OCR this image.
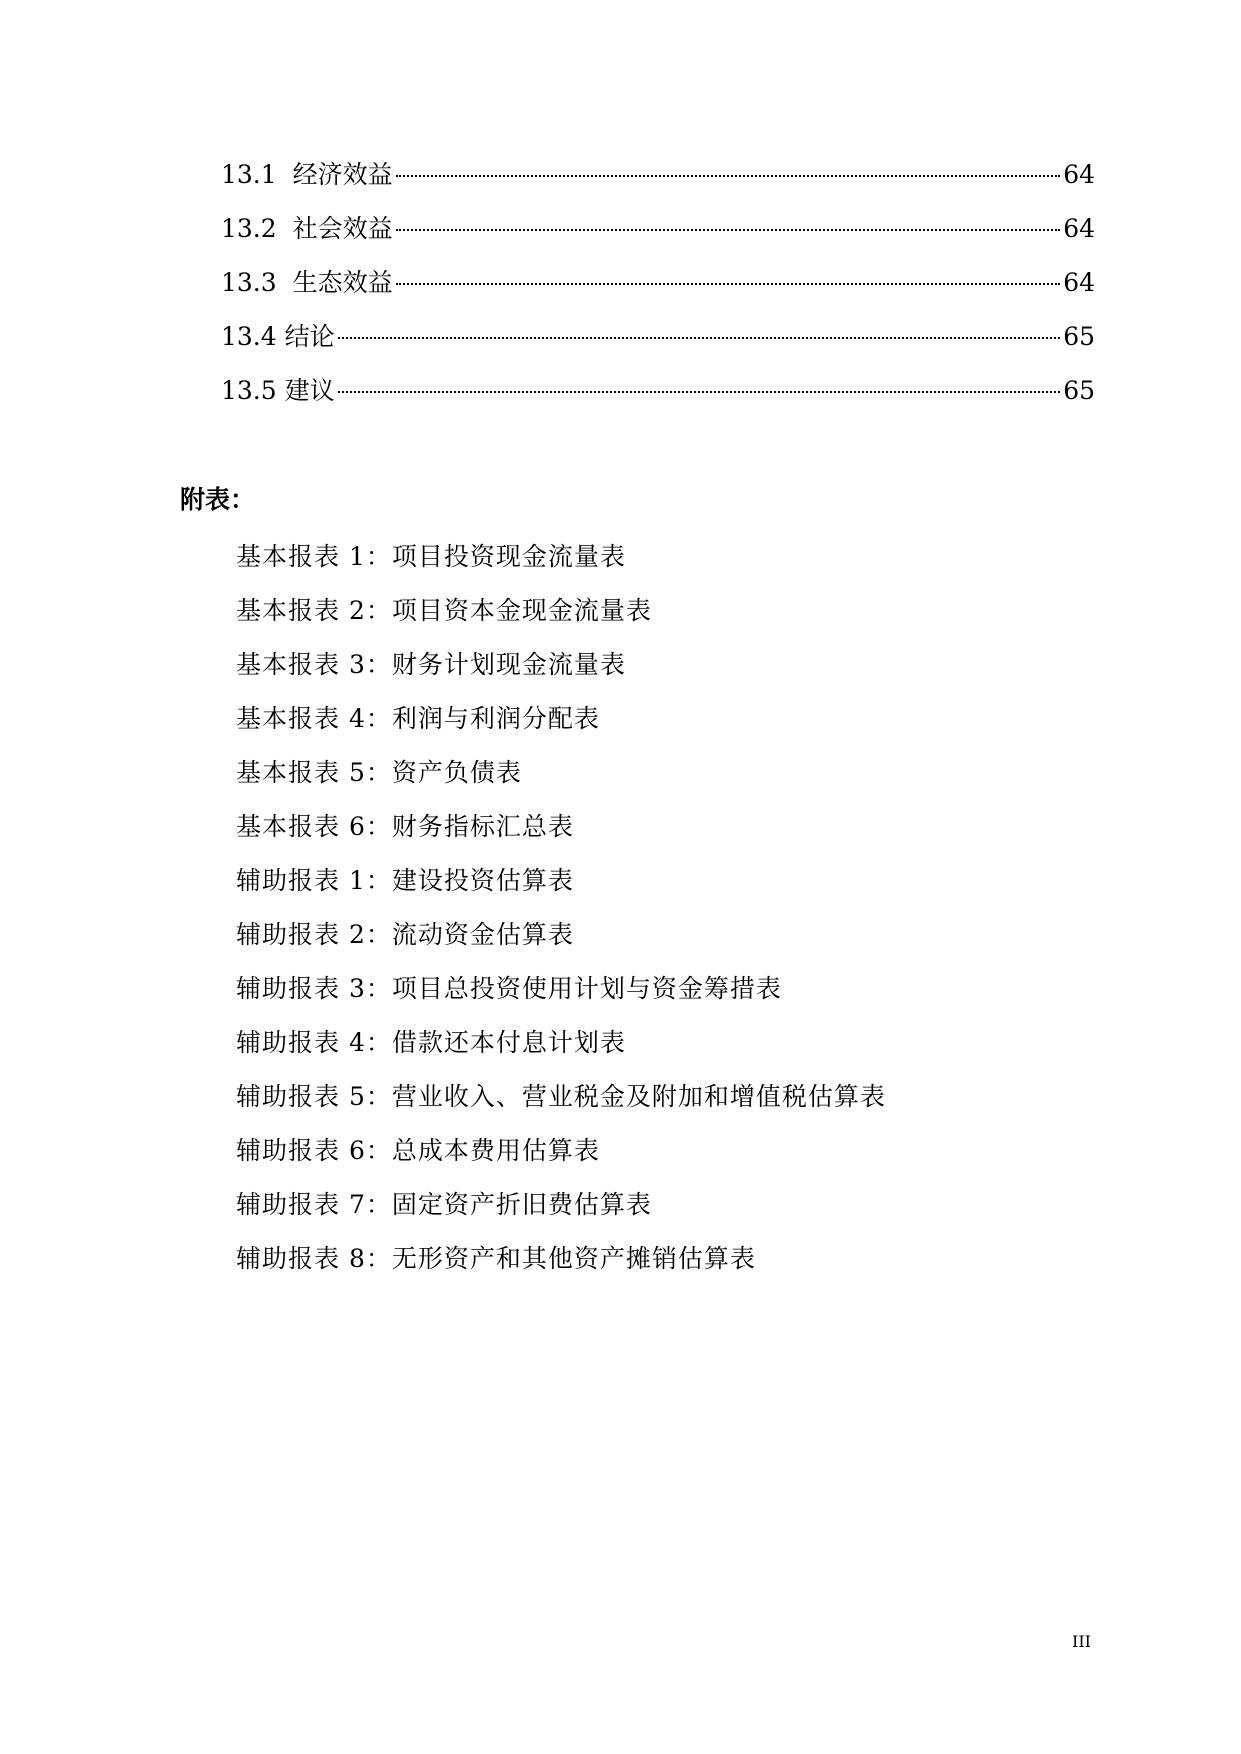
13.1 经济效益	64
13.2 社会效益	64
13.3 生态效益	64
13.4 结论	65
13.5 建议	65
附表：
基本报表 1：项目投资现金流量表
基本报表 2：项目资本金现金流量表
基本报表 3：财务计划现金流量表
基本报表 4：利润与利润分配表
基本报表 5：资产负债表
基本报表 6：财务指标汇总表
辅助报表 1：建设投资估算表
辅助报表 2：流动资金估算表
辅助报表 3：项目总投资使用计划与资金筹措表
辅助报表 4：借款还本付息计划表
辅助报表 5：营业收入、营业税金及附加和增值税估算表
辅助报表 6：总成本费用估算表
辅助报表 7：固定资产折旧费估算表
辅助报表 8：无形资产和其他资产摊销估算表
III
